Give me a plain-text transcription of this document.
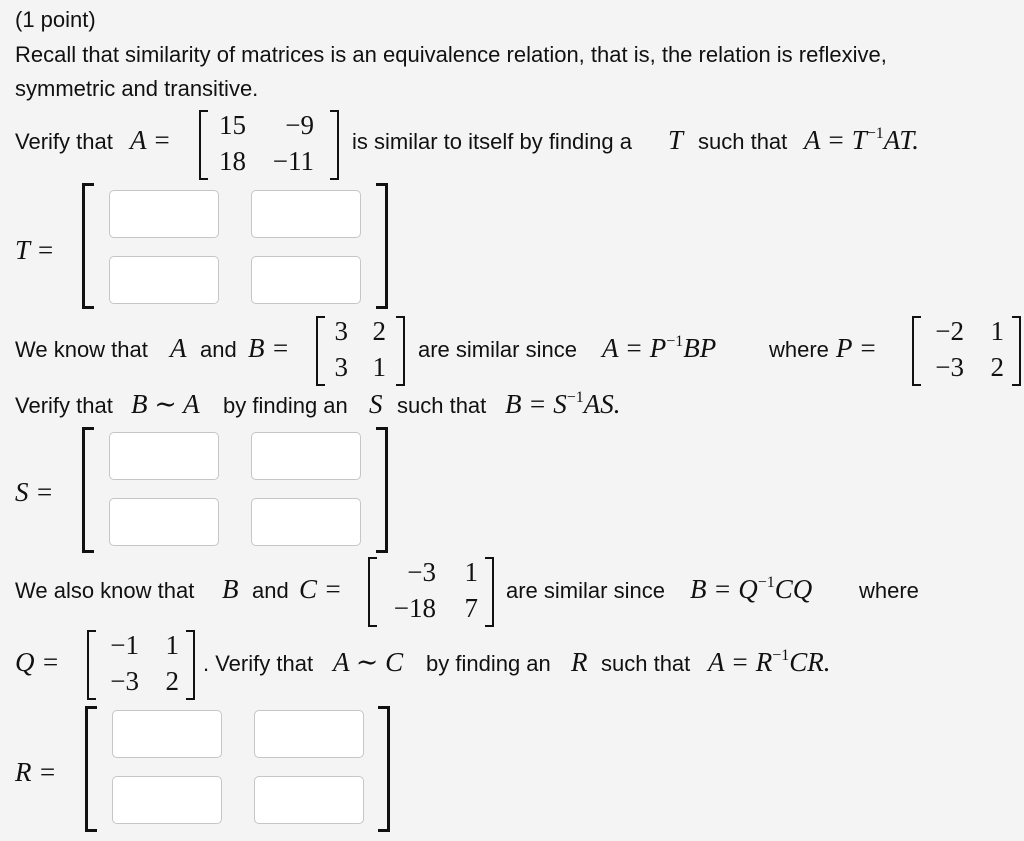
(1 point)
Recall that similarity of matrices is an equivalence relation, that is, the relation is reflexive,
symmetric and transitive.
Verify that A = 15 −9
18 −11
is similar to itself by finding a T such that $A = T^{-1}AT$.
T =
We know that A and B =
3 2
3 1
are similar since $A = P^{-1}BP$ where P =
−2 1
−3 2
Verify that B ∼ A by finding an S such that $B = S^{-1}AS$.
S =
We also know that B and C =
−3 1
−18 7
are similar since $B = Q^{-1}CQ$ where
Q =
−1 1
−3 2
. Verify that A ∼ C by finding an R such that $A = R^{-1}CR$.
R =
